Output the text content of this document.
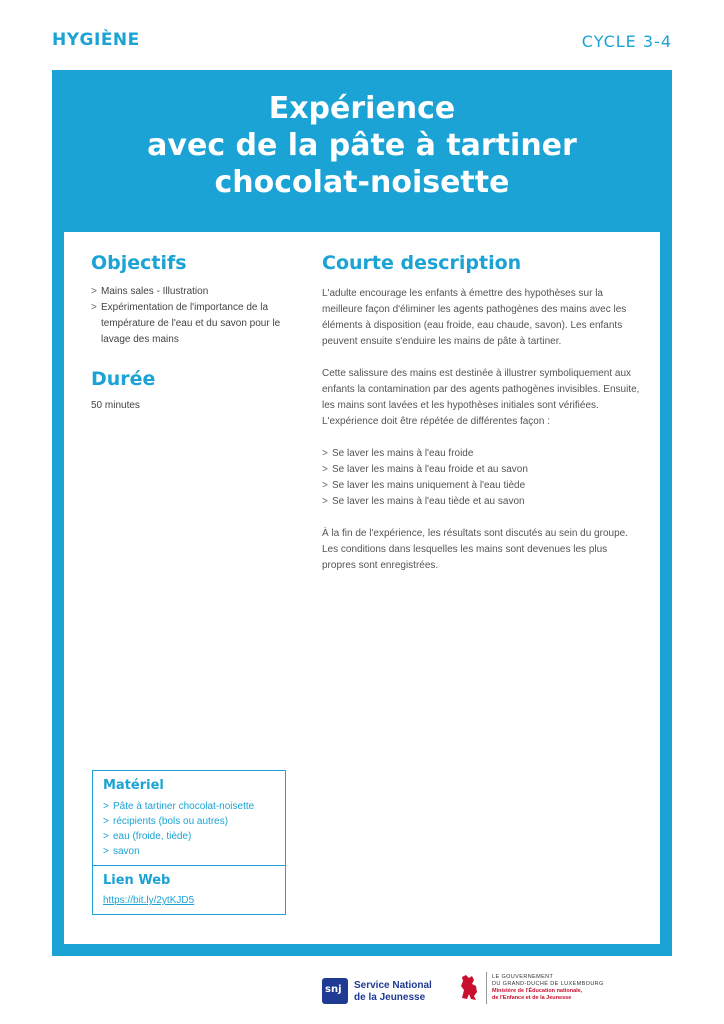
HYGIÈNE	CYCLE 3-4
Expérience
avec de la pâte à tartiner
chocolat-noisette
Objectifs
> Mains sales - Illustration
> Expérimentation de l'importance de la température de l'eau et du savon pour le lavage des mains
Durée

50 minutes

Courte description

L'adulte encourage les enfants à émettre des hypothèses sur la meilleure façon d'éliminer les agents pathogènes des mains avec les éléments à disposition (eau froide, eau chaude, savon). Les enfants peuvent ensuite s'enduire les mains de pâte à tartiner.

Cette salissure des mains est destinée à illustrer symboliquement aux enfants la contamination par des agents pathogènes invisibles. Ensuite, les mains sont lavées et les hypothèses initiales sont vérifiées. L'expérience doit être répétée de différentes façon :

> Se laver les mains à l'eau froide
> Se laver les mains à l'eau froide et au savon
> Se laver les mains uniquement à l'eau tiède
> Se laver les mains à l'eau tiède et au savon

À la fin de l'expérience, les résultats sont discutés au sein du groupe. Les conditions dans lesquelles les mains sont devenues les plus propres sont enregistrées.

Matériel
> Pâte à tartiner chocolat-noisette
> récipients (bols ou autres)
> eau (froide, tiède)
> savon
Lien Web
https://bit.ly/2ytKJD5
snj Service National
de la Jeunesse
LE GOUVERNEMENT
DU GRAND-DUCHÉ DE LUXEMBOURG
Ministère de l'Éducation nationale,
de l'Enfance et de la Jeunesse
